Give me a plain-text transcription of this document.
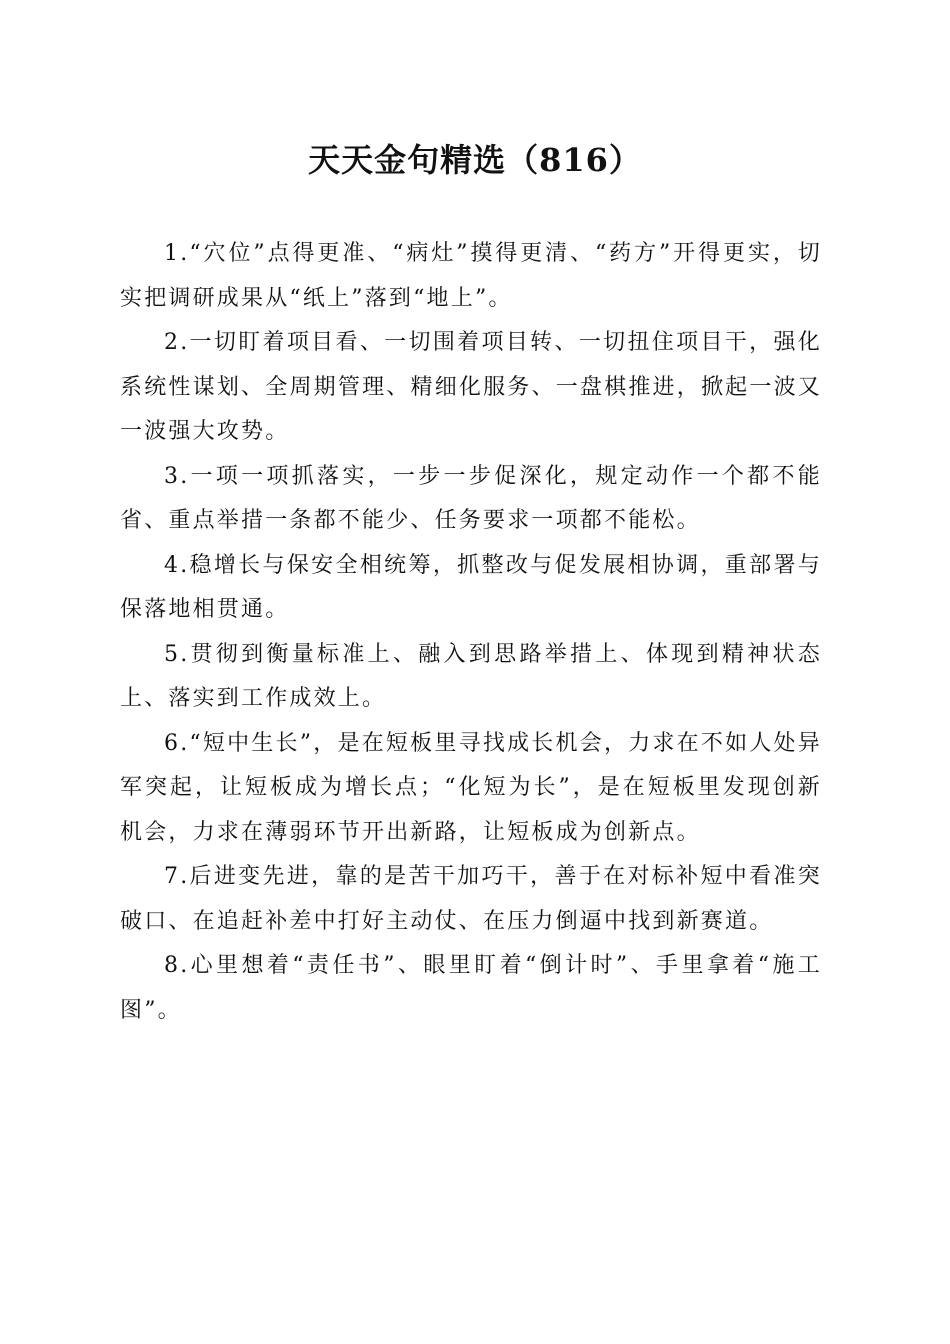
天天金句精选（816）

1.“穴位”点得更准、“病灶”摸得更清、“药方”开得更实，切实把调研成果从“纸上”落到“地上”。

2.一切盯着项目看、一切围着项目转、一切扭住项目干，强化系统性谋划、全周期管理、精细化服务、一盘棋推进，掀起一波又一波强大攻势。

3.一项一项抓落实，一步一步促深化，规定动作一个都不能省、重点举措一条都不能少、任务要求一项都不能松。

4.稳增长与保安全相统筹，抓整改与促发展相协调，重部署与保落地相贯通。

5.贯彻到衡量标准上、融入到思路举措上、体现到精神状态上、落实到工作成效上。

6.“短中生长”，是在短板里寻找成长机会，力求在不如人处异军突起，让短板成为增长点；“化短为长”，是在短板里发现创新机会，力求在薄弱环节开出新路，让短板成为创新点。

7.后进变先进，靠的是苦干加巧干，善于在对标补短中看准突破口、在追赶补差中打好主动仗、在压力倒逼中找到新赛道。

8.心里想着“责任书”、眼里盯着“倒计时”、手里拿着“施工图”。
